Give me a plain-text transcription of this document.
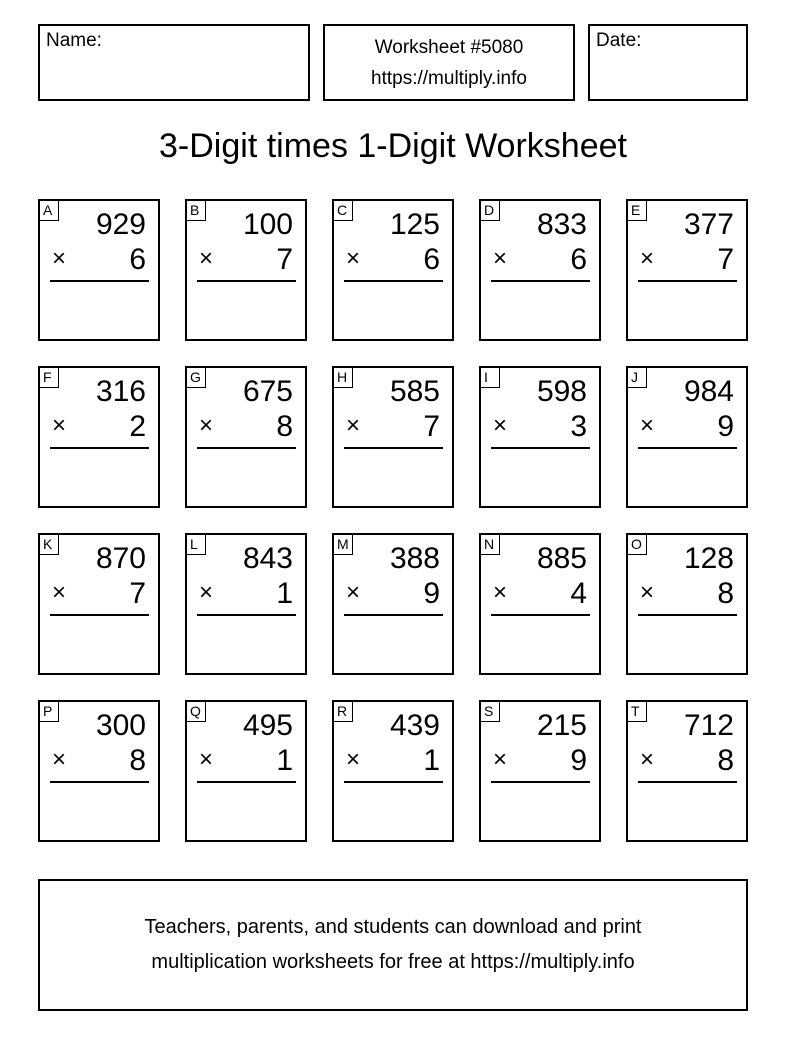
Name:	Worksheet #5080
https://multiply.info
Date:
3-Digit times 1-Digit Worksheet
A 929
× 6
B 100
× 7
C 125
× 6
D 833
× 6
E 377
× 7
F 316
× 2
G 675
× 8
H 585
× 7
I	598
× 3
J	984
× 9
K 870
× 7
L 843
× 1
M 388
× 9
N 885
× 4
O 128
× 8
P 300
× 8
Q 495
× 1
R 439
× 1
S 215
× 9
T 712
× 8
Teachers, parents, and students can download and print
multiplication worksheets for free at https://multiply.info
